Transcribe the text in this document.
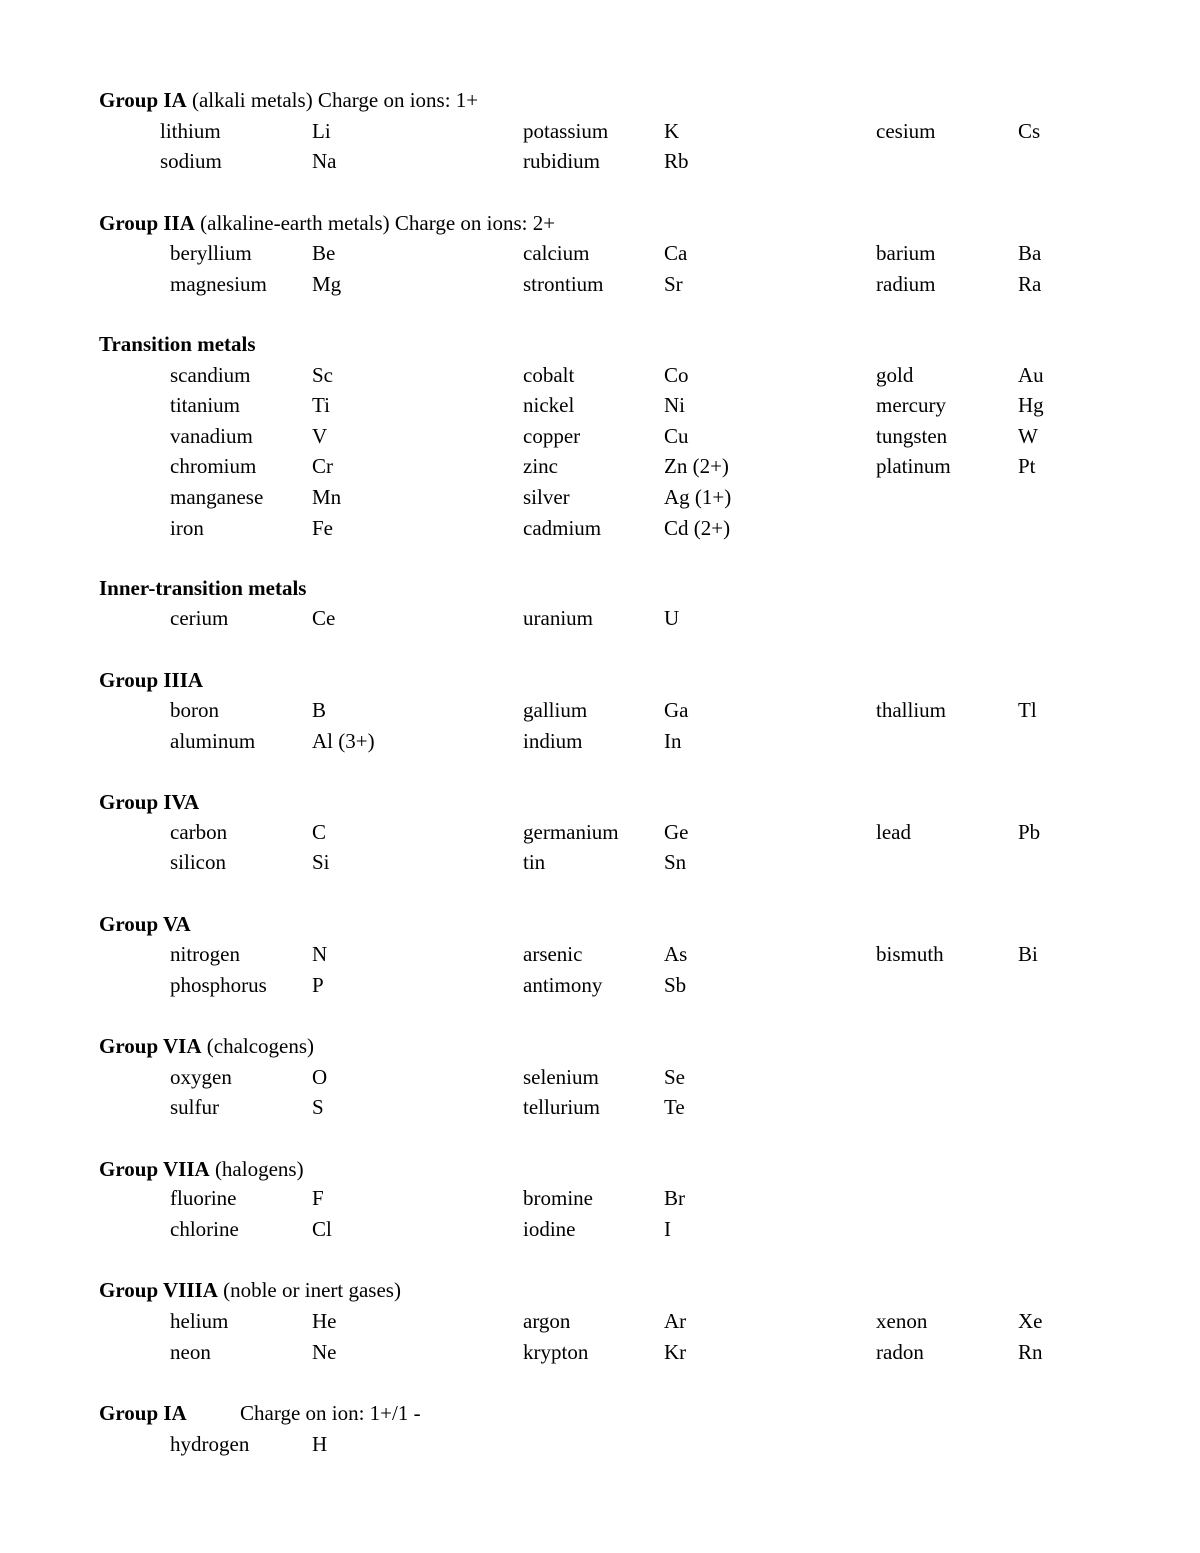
Group IA (alkali metals) Charge on ions: 1+
lithium	Li	potassium	K	cesium	Cs
sodium	Na	rubidium	Rb
Group IIA (alkaline-earth metals) Charge on ions: 2+
beryllium	Be	calcium	Ca	barium	Ba
magnesium Mg	strontium	Sr	radium	Ra
Transition metals
scandium	Sc	cobalt	Co	gold	Au
titanium	Ti	nickel	Ni	mercury	Hg
vanadium	V	copper	Cu	tungsten	W
chromium	Cr	zinc	Zn (2+)	platinum	Pt
manganese Mn	silver	Ag (1+)
iron	Fe	cadmium	Cd (2+)
Inner-transition metals
cerium	Ce	uranium	U
Group IIIA
boron	B	gallium	Ga	thallium	Tl
aluminum	Al (3+)	indium	In
Group IVA
carbon	C	germanium Ge	lead	Pb
silicon	Si	tin	Sn
Group VA
nitrogen	N	arsenic	As	bismuth	Bi
phosphorus P	antimony	Sb
Group VIA (chalcogens)
oxygen	O	selenium	Se
sulfur	S	tellurium	Te
Group VIIA (halogens)
fluorine	F	bromine	Br
chlorine	Cl	iodine	I
Group VIIIA (noble or inert gases)
helium	He	argon	Ar	xenon	Xe
neon	Ne	krypton	Kr	radon	Rn
Group IA	Charge on ion: 1+/1 -
hydrogen	H
